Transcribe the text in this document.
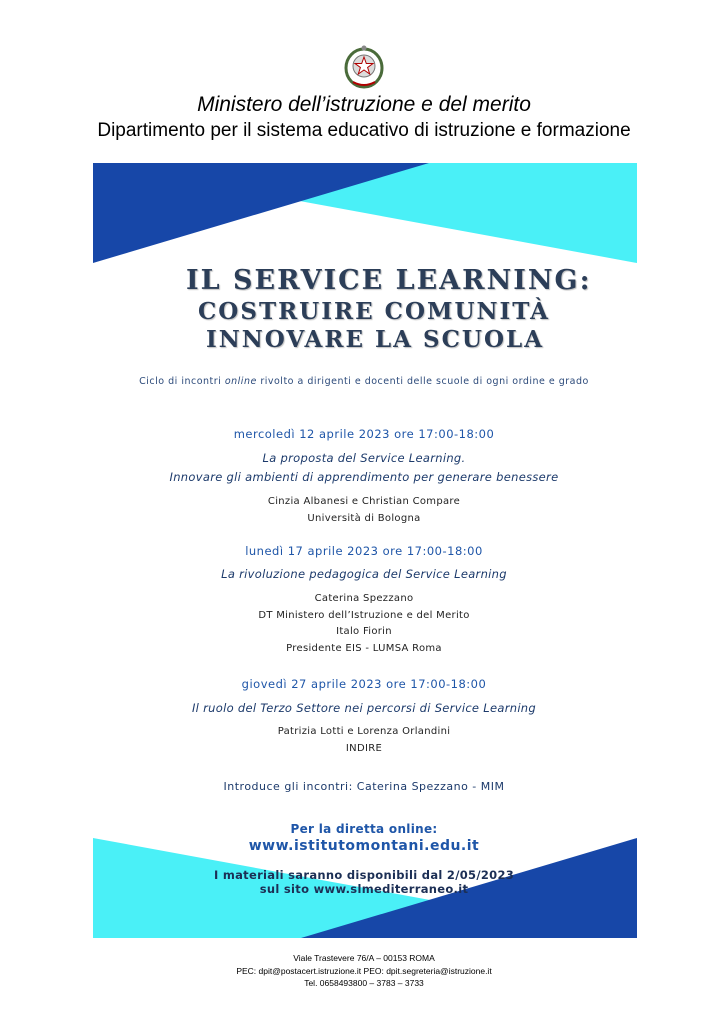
Ministero dell’istruzione e del merito
Dipartimento per il sistema educativo di istruzione e formazione
IL SERVICE LEARNING:
COSTRUIRE COMUNITÀ
INNOVARE LA SCUOLA
Ciclo di incontri online rivolto a dirigenti e docenti delle scuole di ogni ordine e grado
mercoledì 12 aprile 2023 ore 17:00-18:00
La proposta del Service Learning.
Innovare gli ambienti di apprendimento per generare benessere
Cinzia Albanesi e Christian Compare
Università di Bologna
lunedì 17 aprile 2023 ore 17:00-18:00
La rivoluzione pedagogica del Service Learning
Caterina Spezzano
DT Ministero dell’Istruzione e del Merito
Italo Fiorin
Presidente EIS - LUMSA Roma
giovedì 27 aprile 2023 ore 17:00-18:00
Il ruolo del Terzo Settore nei percorsi di Service Learning
Patrizia Lotti e Lorenza Orlandini
INDIRE
Introduce gli incontri: Caterina Spezzano - MIM
Per la diretta online:
www.istitutomontani.edu.it
I materiali saranno disponibili dal 2/05/2023
sul sito www.slmediterraneo.it
Viale Trastevere 76/A – 00153 ROMA
PEC: dpit@postacert.istruzione.it PEO: dpit.segreteria@istruzione.it
Tel. 0658493800 – 3783 – 3733
